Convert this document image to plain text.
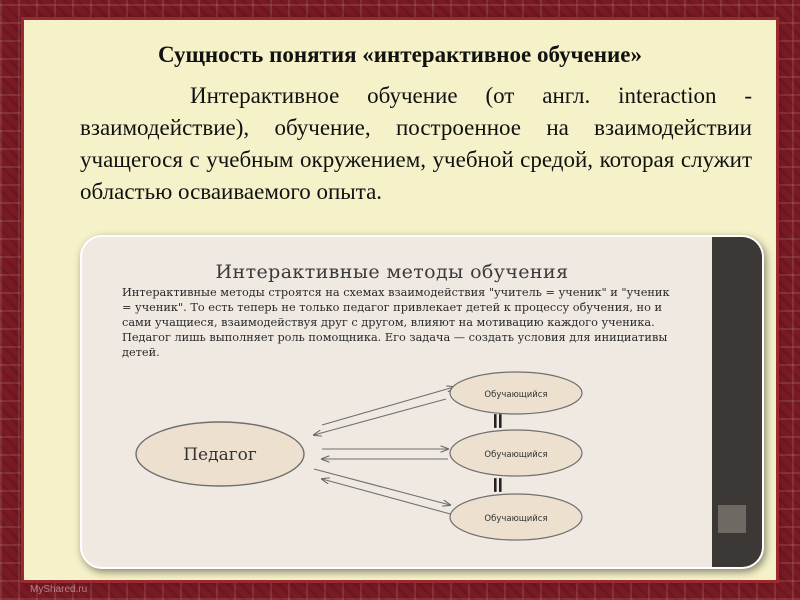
Сущность понятия «интерактивное обучение»
Интерактивное обучение (от англ. interaction - взаимодействие), обучение, построенное на взаимодействии учащегося с учебным окружением, учебной средой, которая служит областью осваиваемого опыта.
Интерактивные методы обучения
Интерактивные методы строятся на схемах взаимодействия "учитель = ученик" и "ученик = ученик". То есть теперь не только педагог привлекает детей к процессу обучения, но и сами учащиеся, взаимодействуя друг с другом, влияют на мотивацию каждого ученика. Педагог лишь выполняет роль помощника. Его задача — создать условия для инициативы детей.
Педагог
Обучающийся
Обучающийся
Обучающийся
=
=
MyShared.ru
